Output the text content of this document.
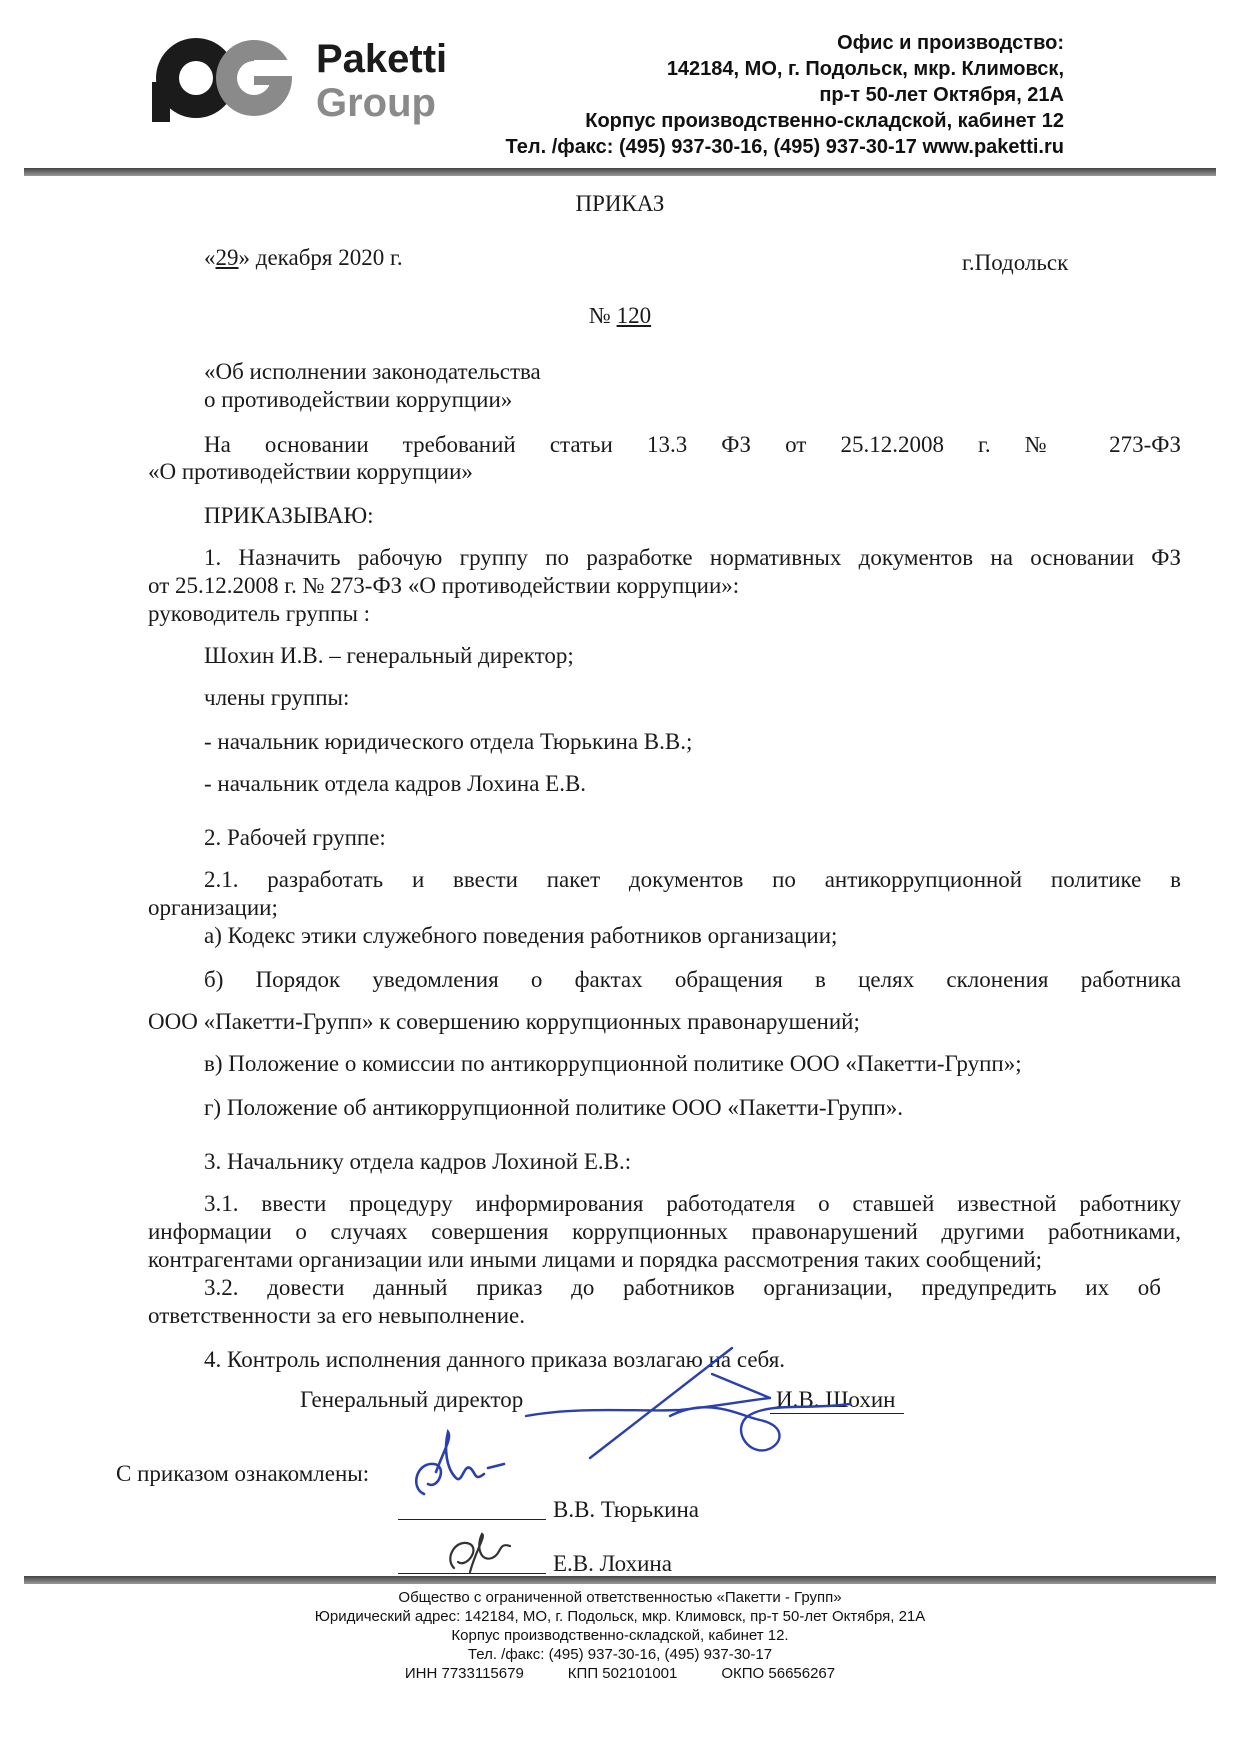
Paketti
Group
Офис и производство:
142184, МО, г. Подольск, мкр. Климовск,
пр-т 50-лет Октября, 21А
Корпус производственно-складской, кабинет 12
Тел. /факс: (495) 937-30-16, (495) 937-30-17 www.paketti.ru
ПРИКАЗ
«29» декабря 2020 г.	г.Подольск
№ 120
«Об исполнении законодательства
о противодействии коррупции»
На основании требований статьи 13.3 ФЗ от 25.12.2008 г. № 273-ФЗ
«О противодействии коррупции»
ПРИКАЗЫВАЮ:
1. Назначить рабочую группу по разработке нормативных документов на основании ФЗ
от 25.12.2008 г. № 273-ФЗ «О противодействии коррупции»:
руководитель группы :
Шохин И.В. – генеральный директор;
члены группы:
- начальник юридического отдела Тюрькина В.В.;
- начальник отдела кадров Лохина Е.В.
2. Рабочей группе:
2.1. разработать и ввести пакет документов по антикоррупционной политике в
организации;
а) Кодекс этики служебного поведения работников организации;
б) Порядок уведомления о фактах обращения в целях склонения работника
ООО «Пакетти-Групп» к совершению коррупционных правонарушений;
в) Положение о комиссии по антикоррупционной политике ООО «Пакетти-Групп»;
г) Положение об антикоррупционной политике ООО «Пакетти-Групп».
3. Начальнику отдела кадров Лохиной Е.В.:
3.1. ввести процедуру информирования работодателя о ставшей известной работнику
информации о случаях совершения коррупционных правонарушений другими работниками,
контрагентами организации или иными лицами и порядка рассмотрения таких сообщений;
3.2. довести данный приказ до работников организации, предупредить их об
ответственности за его невыполнение.
4. Контроль исполнения данного приказа возлагаю на себя.
Генеральный директор	И.В. Шохин
С приказом ознакомлены:
В.В. Тюрькина
Е.В. Лохина
Общество с ограниченной ответственностью «Пакетти - Групп»
Юридический адрес: 142184, МО, г. Подольск, мкр. Климовск, пр-т 50-лет Октября, 21А
Корпус производственно-складской, кабинет 12.
Тел. /факс: (495) 937-30-16, (495) 937-30-17
ИНН 7733115679	КПП 502101001	ОКПО 56656267
